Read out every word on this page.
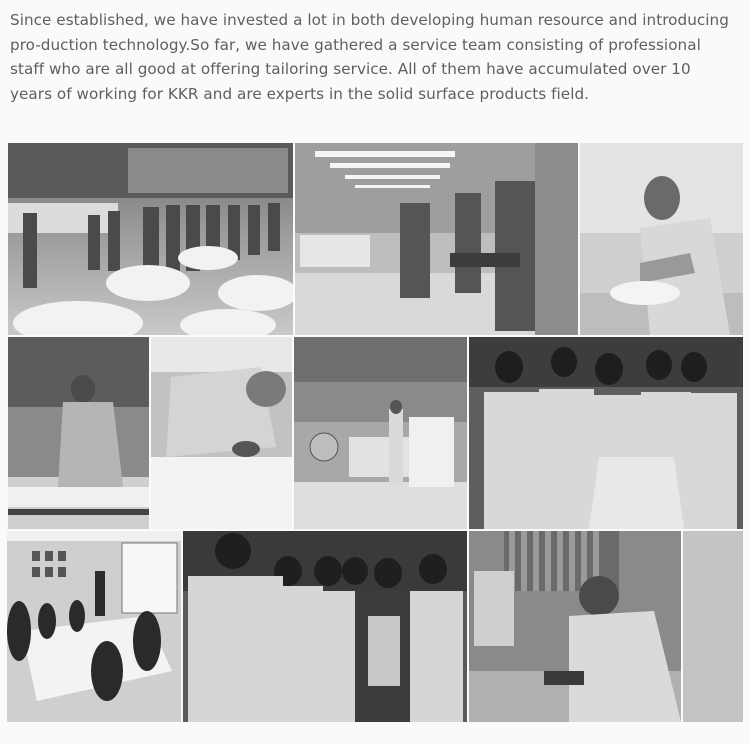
Since established, we have invested a lot in both developing human resource and introducing pro-duction technology.So far, we have gathered a service team consisting of professional staff who are all good at offering tailoring service. All of them have accumulated over 10 years of working for KKR and are experts in the solid surface products field.
